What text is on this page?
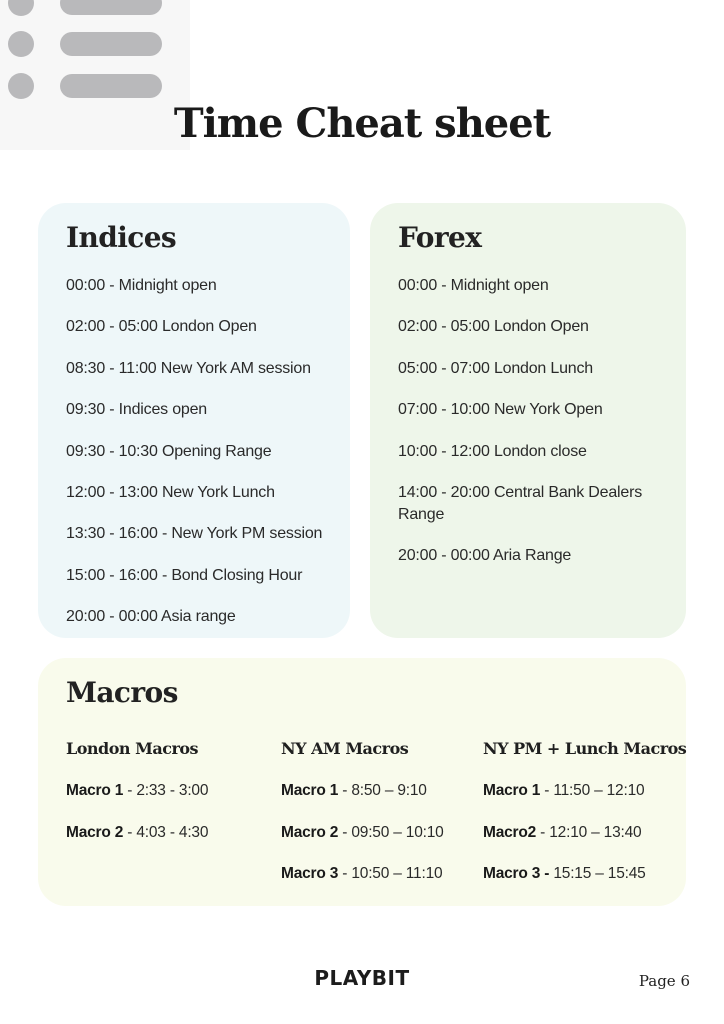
Time Cheat sheet
Indices
00:00 - Midnight open
02:00 - 05:00 London Open
08:30 - 11:00 New York AM session
09:30 - Indices open
09:30 - 10:30 Opening Range
12:00 - 13:00 New York Lunch
13:30 - 16:00 - New York PM session
15:00 - 16:00 - Bond Closing Hour
20:00 - 00:00 Asia range
Forex
00:00 - Midnight open
02:00 - 05:00 London Open
05:00 - 07:00 London Lunch
07:00 - 10:00 New York Open
10:00 - 12:00 London close
14:00 - 20:00 Central Bank Dealers Range
20:00 - 00:00 Aria Range
Macros
London Macros
Macro 1 - 2:33 - 3:00
Macro 2 - 4:03 - 4:30
NY AM Macros
Macro 1 - 8:50 – 9:10
Macro 2 - 09:50 – 10:10
Macro 3 - 10:50 – 11:10
NY PM + Lunch Macros
Macro 1 - 11:50 – 12:10
Macro2 - 12:10 – 13:40
Macro 3 - 15:15 – 15:45
PLAYBIT	Page 6
